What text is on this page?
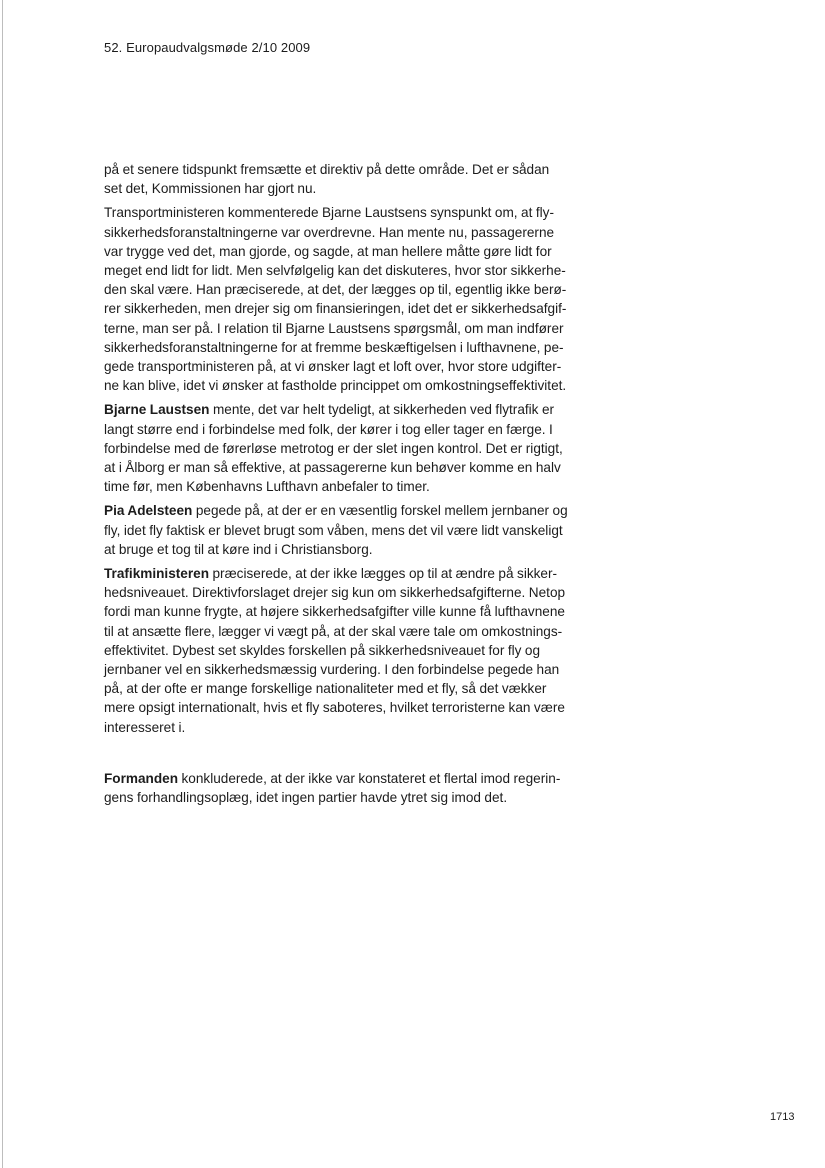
52. Europaudvalgsmøde 2/10 2009

på et senere tidspunkt fremsætte et direktiv på dette område. Det er sådan
set det, Kommissionen har gjort nu.

Transportministeren kommenterede Bjarne Laustsens synspunkt om, at fly-
sikkerhedsforanstaltningerne var overdrevne. Han mente nu, passagererne
var trygge ved det, man gjorde, og sagde, at man hellere måtte gøre lidt for
meget end lidt for lidt. Men selvfølgelig kan det diskuteres, hvor stor sikkerhe-
den skal være. Han præciserede, at det, der lægges op til, egentlig ikke berø-
rer sikkerheden, men drejer sig om finansieringen, idet det er sikkerhedsafgif-
terne, man ser på. I relation til Bjarne Laustsens spørgsmål, om man indfører
sikkerhedsforanstaltningerne for at fremme beskæftigelsen i lufthavnene, pe-
gede transportministeren på, at vi ønsker lagt et loft over, hvor store udgifter-
ne kan blive, idet vi ønsker at fastholde princippet om omkostningseffektivitet.

Bjarne Laustsen mente, det var helt tydeligt, at sikkerheden ved flytrafik er
langt større end i forbindelse med folk, der kører i tog eller tager en færge. I
forbindelse med de førerløse metrotog er der slet ingen kontrol. Det er rigtigt,
at i Ålborg er man så effektive, at passagererne kun behøver komme en halv
time før, men Københavns Lufthavn anbefaler to timer.

Pia Adelsteen pegede på, at der er en væsentlig forskel mellem jernbaner og
fly, idet fly faktisk er blevet brugt som våben, mens det vil være lidt vanskeligt
at bruge et tog til at køre ind i Christiansborg.

Trafikministeren præciserede, at der ikke lægges op til at ændre på sikker-
hedsniveauet. Direktivforslaget drejer sig kun om sikkerhedsafgifterne. Netop
fordi man kunne frygte, at højere sikkerhedsafgifter ville kunne få lufthavnene
til at ansætte flere, lægger vi vægt på, at der skal være tale om omkostnings-
effektivitet. Dybest set skyldes forskellen på sikkerhedsniveauet for fly og
jernbaner vel en sikkerhedsmæssig vurdering. I den forbindelse pegede han
på, at der ofte er mange forskellige nationaliteter med et fly, så det vækker
mere opsigt internationalt, hvis et fly saboteres, hvilket terroristerne kan være
interesseret i.

Formanden konkluderede, at der ikke var konstateret et flertal imod regerin-
gens forhandlingsoplæg, idet ingen partier havde ytret sig imod det.

1713
